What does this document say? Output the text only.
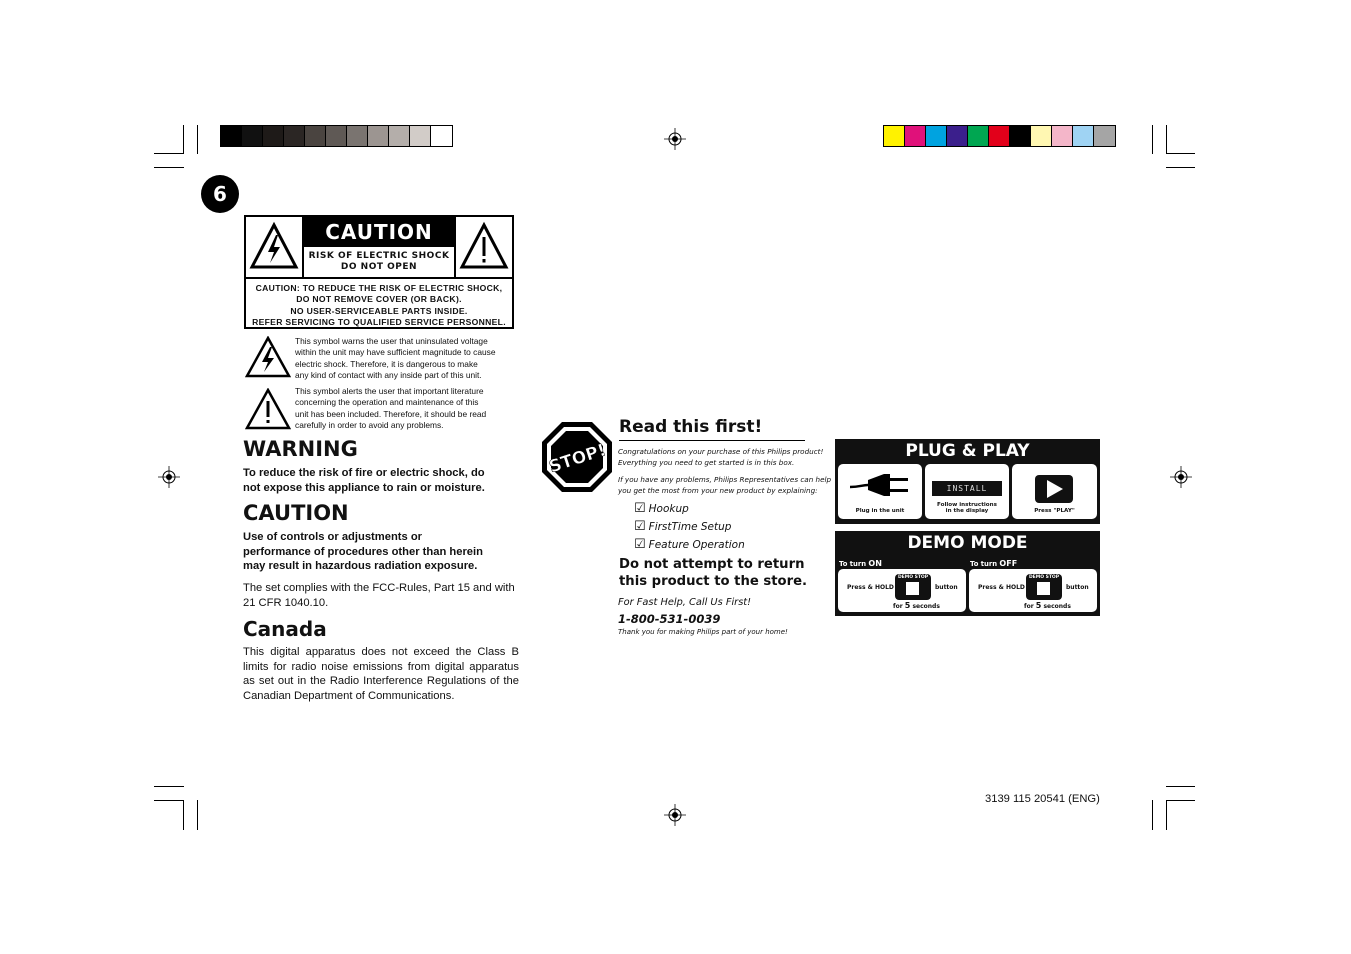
6
CAUTION
RISK OF ELECTRIC SHOCK
DO NOT OPEN
CAUTION: TO REDUCE THE RISK OF ELECTRIC SHOCK,
DO NOT REMOVE COVER (OR BACK).
NO USER-SERVICEABLE PARTS INSIDE.
REFER SERVICING TO QUALIFIED SERVICE PERSONNEL.
This symbol warns the user that uninsulated voltage
within the unit may have sufficient magnitude to cause
electric shock. Therefore, it is dangerous to make
any kind of contact with any inside part of this unit.
This symbol alerts the user that important literature
concerning the operation and maintenance of this
unit has been included. Therefore, it should be read
carefully in order to avoid any problems.
WARNING
To reduce the risk of fire or electric shock, do
not expose this appliance to rain or moisture.
CAUTION
Use of controls or adjustments or
performance of procedures other than herein
may result in hazardous radiation exposure.
The set complies with the FCC-Rules, Part 15 and with
21 CFR 1040.10.
Canada
This digital apparatus does not exceed the Class B limits for radio noise emissions from digital apparatus as set out in the Radio Interference Regulations of the Canadian Department of Communications.
STOP!
Read this first!
Congratulations on your purchase of this Philips product!
Everything you need to get started is in this box.
If you have any problems, Philips Representatives can help
you get the most from your new product by explaining:
☑ Hookup
☑ FirstTime Setup
☑ Feature Operation
Do not attempt to return
this product to the store.
For Fast Help, Call Us First!
1-800-531-0039
Thank you for making Philips part of your home!
PLUG & PLAY
Plug in the unit
INSTALL
Follow instructions
in the display	Press "PLAY"
DEMO MODE
To turn ON	To turn OFF
Press & HOLD
DEMO STOP
button
for 5 seconds
Press & HOLD
DEMO STOP
button
for 5 seconds
3139 115 20541 (ENG)
